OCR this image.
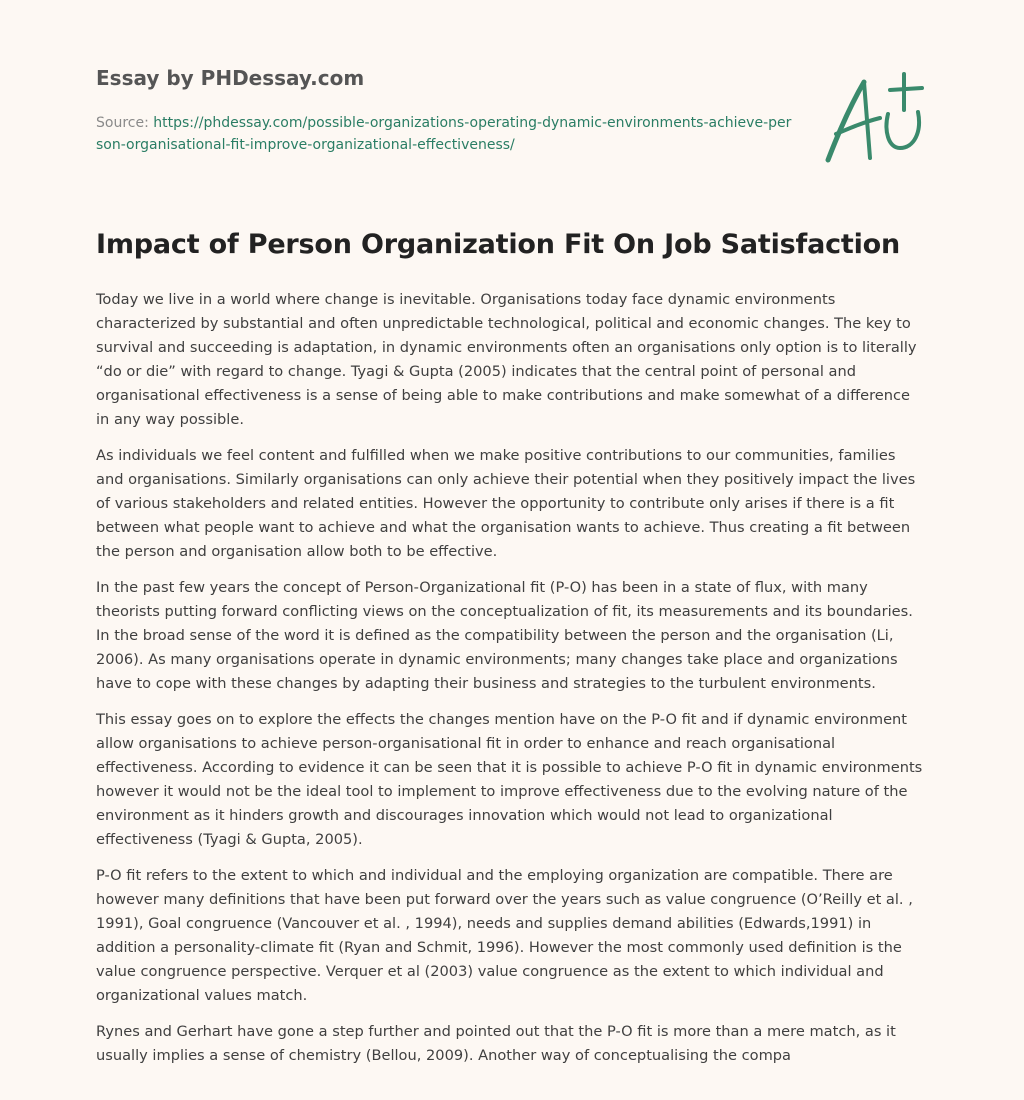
Essay by PHDessay.com
Source: https://phdessay.com/possible-organizations-operating-dynamic-environments-achieve-person-organisational-fit-improve-organizational-effectiveness/
Impact of Person Organization Fit On Job Satisfaction

Today we live in a world where change is inevitable. Organisations today face dynamic environments characterized by substantial and often unpredictable technological, political and economic changes. The key to survival and succeeding is adaptation, in dynamic environments often an organisations only option is to literally “do or die” with regard to change. Tyagi & Gupta (2005) indicates that the central point of personal and organisational effectiveness is a sense of being able to make contributions and make somewhat of a difference in any way possible.

As individuals we feel content and fulfilled when we make positive contributions to our communities, families and organisations. Similarly organisations can only achieve their potential when they positively impact the lives of various stakeholders and related entities. However the opportunity to contribute only arises if there is a fit between what people want to achieve and what the organisation wants to achieve. Thus creating a fit between the person and organisation allow both to be effective.

In the past few years the concept of Person-Organizational fit (P-O) has been in a state of flux, with many theorists putting forward conflicting views on the conceptualization of fit, its measurements and its boundaries. In the broad sense of the word it is defined as the compatibility between the person and the organisation (Li, 2006). As many organisations operate in dynamic environments; many changes take place and organizations have to cope with these changes by adapting their business and strategies to the turbulent environments.

This essay goes on to explore the effects the changes mention have on the P-O fit and if dynamic environment allow organisations to achieve person-organisational fit in order to enhance and reach organisational effectiveness. According to evidence it can be seen that it is possible to achieve P-O fit in dynamic environments however it would not be the ideal tool to implement to improve effectiveness due to the evolving nature of the environment as it hinders growth and discourages innovation which would not lead to organizational effectiveness (Tyagi & Gupta, 2005).

P-O fit refers to the extent to which and individual and the employing organization are compatible. There are however many definitions that have been put forward over the years such as value congruence (O’Reilly et al. , 1991), Goal congruence (Vancouver et al. , 1994), needs and supplies demand abilities (Edwards,1991) in addition a personality-climate fit (Ryan and Schmit, 1996). However the most commonly used definition is the value congruence perspective. Verquer et al (2003) value congruence as the extent to which individual and organizational values match.

Rynes and Gerhart have gone a step further and pointed out that the P-O fit is more than a mere match, as it usually implies a sense of chemistry (Bellou, 2009). Another way of conceptualising the compa
